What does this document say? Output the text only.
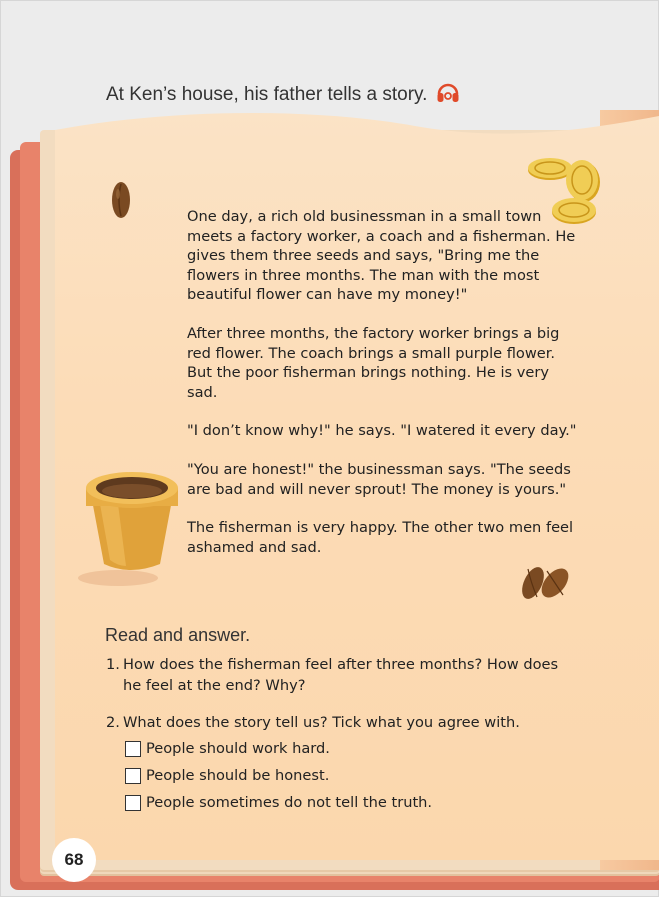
At Ken’s house, his father tells a story.

One day, a rich old businessman in a small town meets a factory worker, a coach and a fisherman. He gives them three seeds and says, "Bring me the flowers in three months. The man with the most beautiful flower can have my money!"

After three months, the factory worker brings a big red flower. The coach brings a small purple flower. But the poor fisherman brings nothing. He is very sad.

"I don’t know why!" he says. "I watered it every day."

"You are honest!" the businessman says. "The seeds are bad and will never sprout! The money is yours."

The fisherman is very happy. The other two men feel ashamed and sad.

Read and answer.
1. How does the fisherman feel after three months? How does
he feel at the end? Why?
2. What does the story tell us? Tick what you agree with.
People should work hard.
People should be honest.
People sometimes do not tell the truth.
68
